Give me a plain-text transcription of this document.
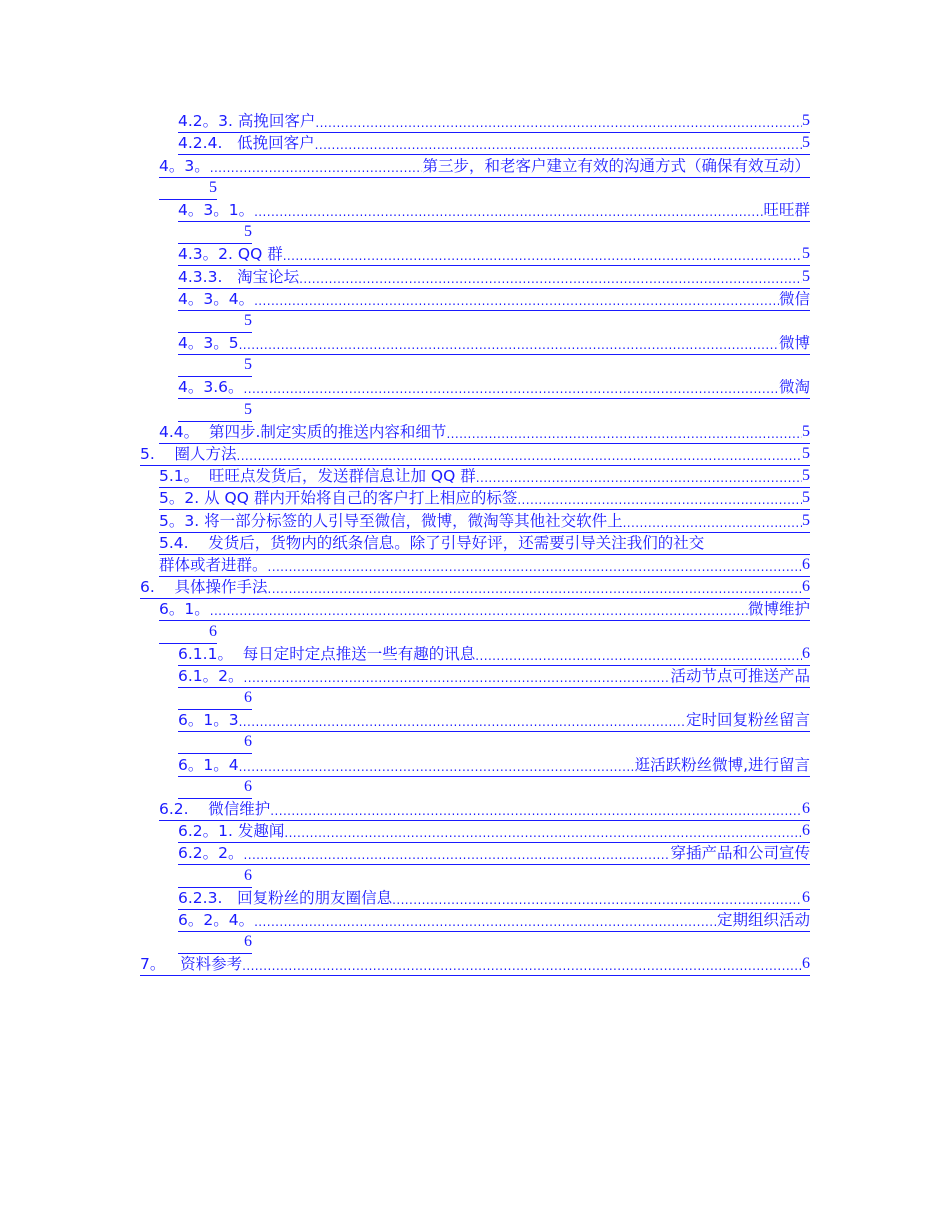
4.2。3. 高挽回客户 .....	5
4.2.4.   低挽回客户 .....	5
4。3。 .....	第三步，和老客户建立有效的沟通方式（确保有效互动）
5
4。3。1。 .....	旺旺群
5
4.3。2. QQ 群 .....	5
4.3.3.   淘宝论坛 .....	5
4。3。4。 .....	微信
5
4。3。5 .....	微博
5
4。3.6。 .....	微淘
5
4.4。  第四步.制定实质的推送内容和细节 .....	5
5.    圈人方法 .....	5
5.1。  旺旺点发货后，发送群信息让加 QQ 群 .....	5
5。2. 从 QQ 群内开始将自己的客户打上相应的标签 .....	5
5。3. 将一部分标签的人引导至微信，微博，微淘等其他社交软件上 .....	5
5.4.    发货后，货物内的纸条信息。除了引导好评，还需要引导关注我们的社交
群体或者进群。 .....	6
6.    具体操作手法 .....	6
6。1。 .....	微博维护
6
6.1.1。  每日定时定点推送一些有趣的讯息 .....	6
6.1。2。 .....	活动节点可推送产品
6
6。1。3 .....	定时回复粉丝留言
6
6。1。4 .....	逛活跃粉丝微博,进行留言
6
6.2.    微信维护 .....	6
6.2。1. 发趣闻 .....	6
6.2。2。 .....	穿插产品和公司宣传
6
6.2.3.   回复粉丝的朋友圈信息 .....	6
6。2。4。 .....	定期组织活动
6
7。   资料参考 .....	6
